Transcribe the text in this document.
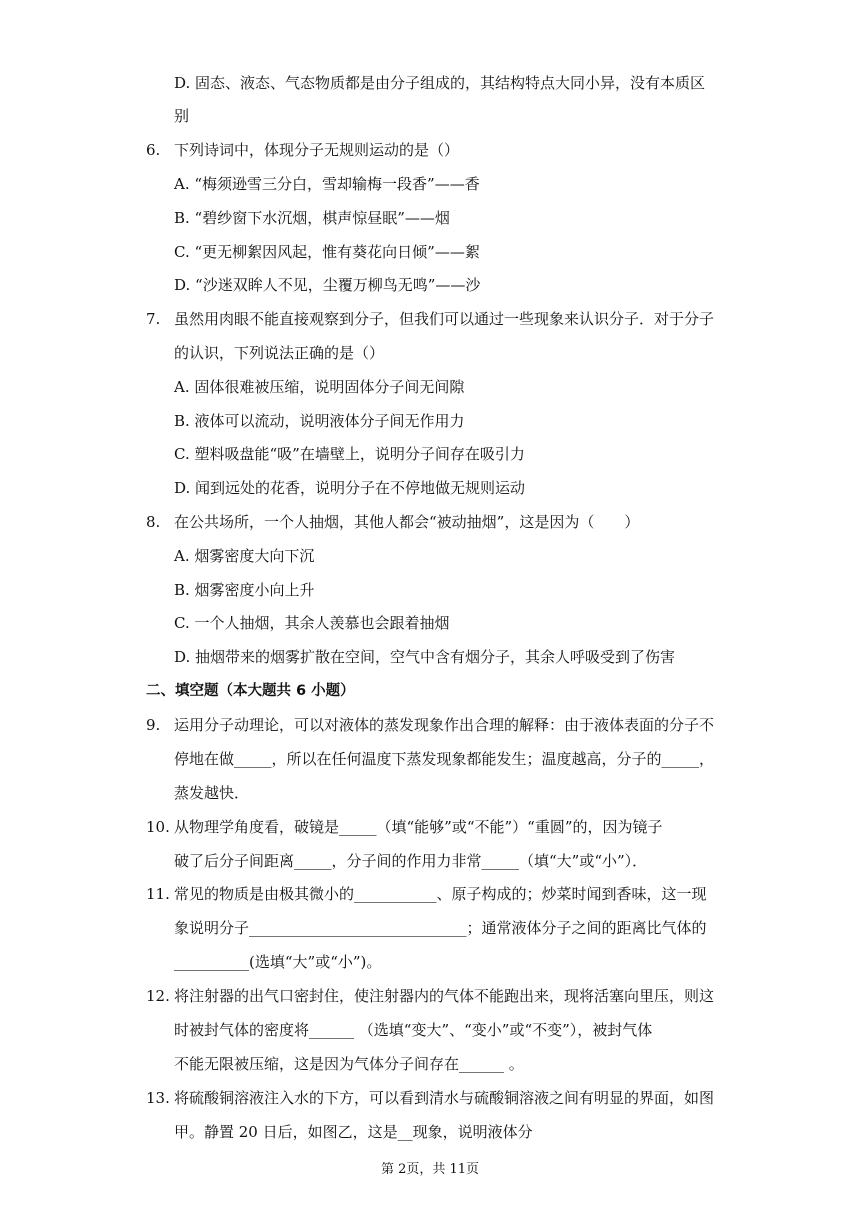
D. 固态、液态、气态物质都是由分子组成的，其结构特点大同小异，没有本质区
别
6. 下列诗词中，体现分子无规则运动的是（）
A. “梅须逊雪三分白，雪却输梅一段香”——香
B. “碧纱窗下水沉烟，棋声惊昼眠”——烟
C. “更无柳絮因风起，惟有葵花向日倾”——絮
D. “沙迷双眸人不见，尘覆万柳鸟无鸣”——沙
7. 虽然用肉眼不能直接观察到分子，但我们可以通过一些现象来认识分子．对于分子
的认识，下列说法正确的是（）
A. 固体很难被压缩，说明固体分子间无间隙
B. 液体可以流动，说明液体分子间无作用力
C. 塑料吸盘能“吸”在墙壁上，说明分子间存在吸引力
D. 闻到远处的花香，说明分子在不停地做无规则运动
8. 在公共场所，一个人抽烟，其他人都会“被动抽烟”，这是因为（　　）
A. 烟雾密度大向下沉
B. 烟雾密度小向上升
C. 一个人抽烟，其余人羡慕也会跟着抽烟
D. 抽烟带来的烟雾扩散在空间，空气中含有烟分子，其余人呼吸受到了伤害
二、填空题（本大题共 6 小题）
9. 运用分子动理论，可以对液体的蒸发现象作出合理的解释：由于液体表面的分子不
停地在做_____，所以在任何温度下蒸发现象都能发生；温度越高，分子的_____，
蒸发越快．
10. 从物理学角度看，破镜是_____（填“能够”或“不能”）“重圆”的，因为镜子
破了后分子间距离_____，分子间的作用力非常_____（填“大”或“小”）．
11. 常见的物质是由极其微小的___________、原子构成的；炒菜时闻到香味，这一现
象说明分子_____________________________；通常液体分子之间的距离比气体的
__________(选填“大”或“小”)。
12. 将注射器的出气口密封住，使注射器内的气体不能跑出来，现将活塞向里压，则这
时被封气体的密度将______ （选填“变大”、“变小”或“不变”），被封气体
不能无限被压缩，这是因为气体分子间存在______ 。
13. 将硫酸铜溶液注入水的下方，可以看到清水与硫酸铜溶液之间有明显的界面，如图
甲。静置 20 日后，如图乙，这是__现象，说明液体分
第 2页，共 11页
